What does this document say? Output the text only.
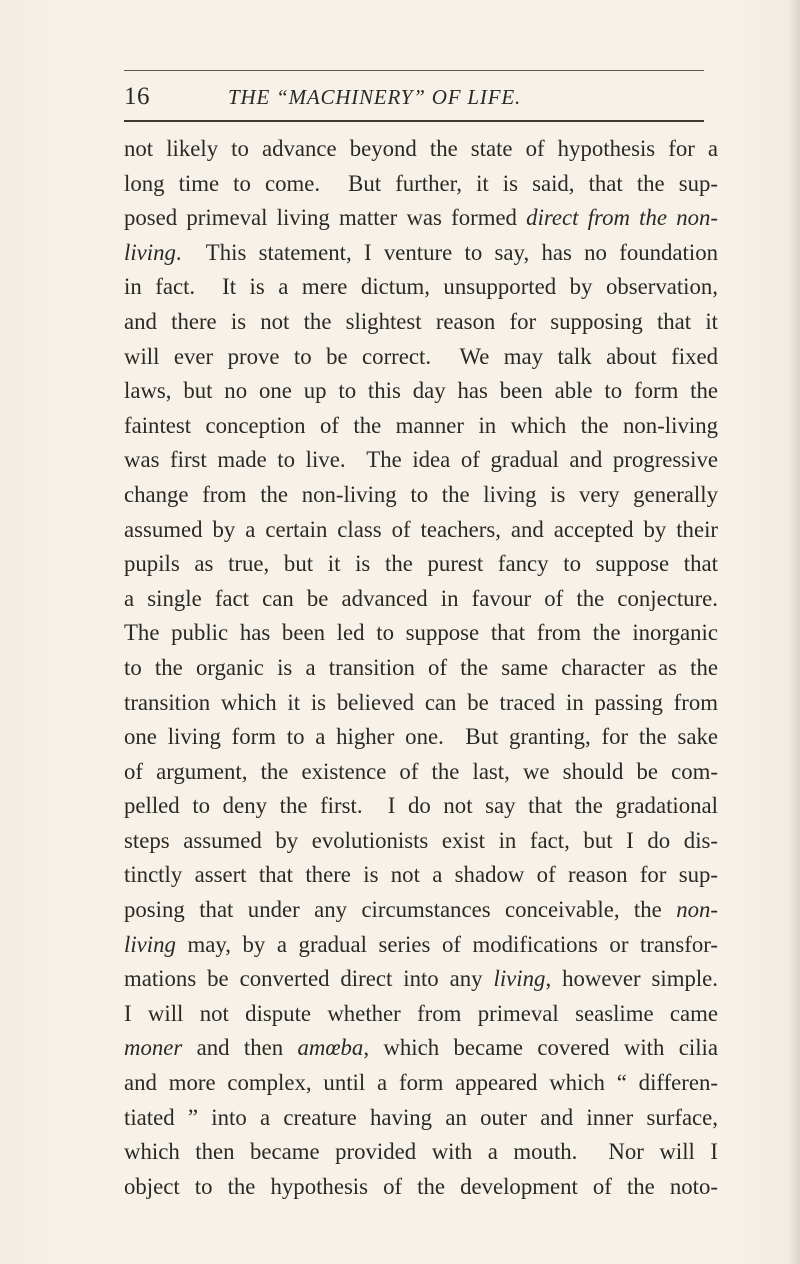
16	THE “MACHINERY” OF LIFE.
not likely to advance beyond the state of hypothesis for a
long time to come.  But further, it is said, that the sup-
posed primeval living matter was formed direct from the non-
living.  This statement, I venture to say, has no foundation
in fact.  It is a mere dictum, unsupported by observation,
and there is not the slightest reason for supposing that it
will ever prove to be correct.  We may talk about fixed
laws, but no one up to this day has been able to form the
faintest conception of the manner in which the non-living
was first made to live.  The idea of gradual and progressive
change from the non-living to the living is very generally
assumed by a certain class of teachers, and accepted by their
pupils as true, but it is the purest fancy to suppose that
a single fact can be advanced in favour of the conjecture.
The public has been led to suppose that from the inorganic
to the organic is a transition of the same character as the
transition which it is believed can be traced in passing from
one living form to a higher one.  But granting, for the sake
of argument, the existence of the last, we should be com-
pelled to deny the first.  I do not say that the gradational
steps assumed by evolutionists exist in fact, but I do dis-
tinctly assert that there is not a shadow of reason for sup-
posing that under any circumstances conceivable, the non-
living may, by a gradual series of modifications or transfor-
mations be converted direct into any living, however simple.
I will not dispute whether from primeval seaslime came
moner and then amœba, which became covered with cilia
and more complex, until a form appeared which “ differen-
tiated ” into a creature having an outer and inner surface,
which then became provided with a mouth.  Nor will I
object to the hypothesis of the development of the noto-
